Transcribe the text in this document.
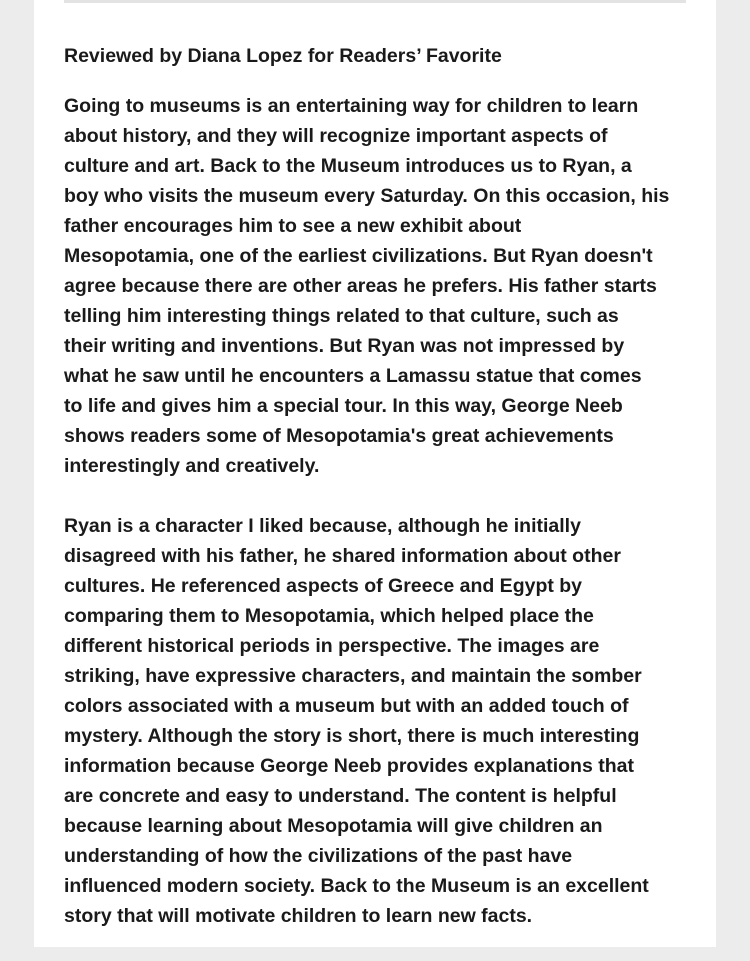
Reviewed by Diana Lopez for Readers’ Favorite

Going to museums is an entertaining way for children to learn
about history, and they will recognize important aspects of
culture and art. Back to the Museum introduces us to Ryan, a
boy who visits the museum every Saturday. On this occasion, his
father encourages him to see a new exhibit about
Mesopotamia, one of the earliest civilizations. But Ryan doesn't
agree because there are other areas he prefers. His father starts
telling him interesting things related to that culture, such as
their writing and inventions. But Ryan was not impressed by
what he saw until he encounters a Lamassu statue that comes
to life and gives him a special tour. In this way, George Neeb
shows readers some of Mesopotamia's great achievements
interestingly and creatively.

Ryan is a character I liked because, although he initially
disagreed with his father, he shared information about other
cultures. He referenced aspects of Greece and Egypt by
comparing them to Mesopotamia, which helped place the
different historical periods in perspective. The images are
striking, have expressive characters, and maintain the somber
colors associated with a museum but with an added touch of
mystery. Although the story is short, there is much interesting
information because George Neeb provides explanations that
are concrete and easy to understand. The content is helpful
because learning about Mesopotamia will give children an
understanding of how the civilizations of the past have
influenced modern society. Back to the Museum is an excellent
story that will motivate children to learn new facts.
